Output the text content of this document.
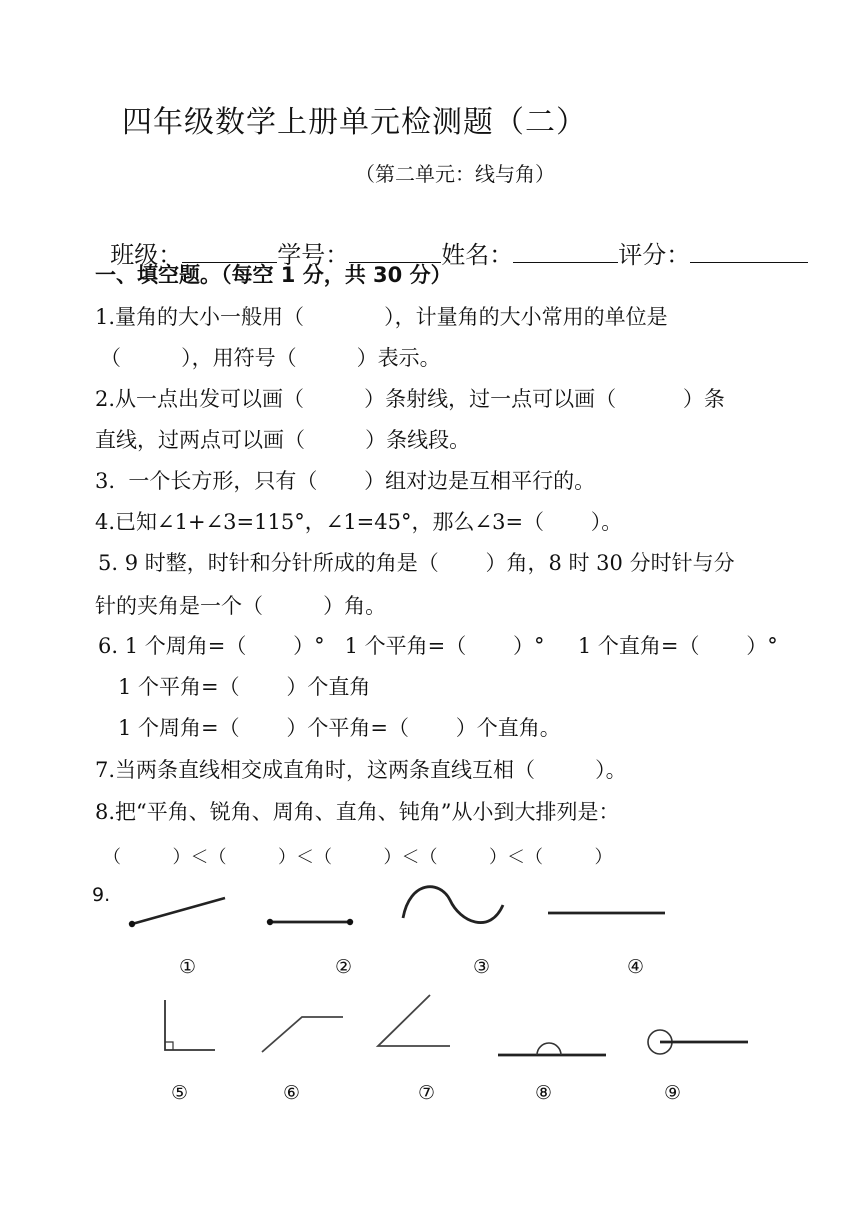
四年级数学上册单元检测题（二）
（第二单元：线与角）

班级：	学号：	姓名：	评分：

一、填空题。（每空 1 分，共 30 分）
1.量角的大小一般用（            ），计量角的大小常用的单位是
（         ），用符号（         ）表示。
2.从一点出发可以画（         ）条射线，过一点可以画（          ）条
直线，过两点可以画（         ）条线段。
3.  一个长方形，只有（       ）组对边是互相平行的。
4.已知∠1+∠3=115°，∠1=45°，那么∠3=（       ）。
5. 9 时整，时针和分针所成的角是（       ）角，8 时 30 分时针与分
针的夹角是一个（         ）角。
6. 1 个周角=（       ）°   1 个平角=（       ）°     1 个直角=（       ）°
1 个平角=（       ）个直角
1 个周角=（       ）个平角=（       ）个直角。
7.当两条直线相交成直角时，这两条直线互相（         ）。
8.把“平角、锐角、周角、直角、钝角”从小到大排列是：
（         ）＜（         ）＜（         ）＜（         ）＜（         ）
9.
①	②	③	④
⑤	⑥	⑦	⑧	⑨
